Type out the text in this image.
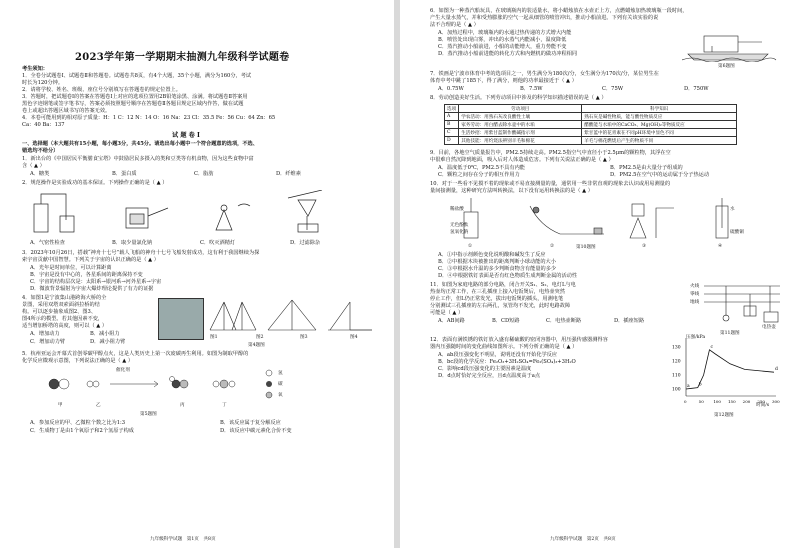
2023学年第一学期期末抽测九年级科学试题卷
考生须知：
1．全卷分试题卷Ⅰ、试题卷Ⅱ和答题卷。试题卷共8页，有4个大题，35个小题，满分为160分，考试
时长为120分钟。
2．请将学校、姓名、班级、座位号分别填写在答题卷的规定位置上。
3．答题时，把试题卷Ⅰ的答案在答题卷Ⅰ上对应的选项位置用2B铅笔涂黑、涂满。将试题卷Ⅱ答案用
黑色字迹钢笔或签字笔书写，答案必须按照题号顺序在答题卷Ⅱ各题目规定区域内作答，做在试题
卷上或超出答题区域书写的答案无效。
4．本卷可能用到的相对原子质量：H：1 C：12 N：14 O：16 Na：23 Cl：35.5 Fe：56 Cu：64 Zn：65
Ca：40 Ba：137
试 题 卷 Ⅰ
一、选择题（本大题共有15小题，每小题3分，共45分。请选出每小题中一个符合题意的选项，不选、
错选均不给分）
1．新出台的《中国居民平衡膳食宝塔》中鼓励居民多摄入的类和豆类等有机食物，因为这些食物中富
含（ ▲ ）
A．糖类	B．蛋白质	C．脂肪	D．纤维素
2．规范操作是实验成功的基本保证。下列操作正确的是（ ▲ ）
A．气密性检查	B．取少量氯化钠	C．吹灭酒精灯	D．过滤除杂
3．2023年10月26日，搭载“神舟十七号”载人飞船的神舟十七号飞船发射成功，这有利于我国继续为探
索宇宙贡献中国智慧。下列关于宇宙的认识正确的是（ ▲ ）
A．光年是时间单位，可以计算距离
B．宇宙是没有中心的，各星系间的距离保持不变
C．宇宙的结构层次是：太阳系→银河系→河外星系→宇宙
D．微波背景辐射为宇宙大爆炸理论提供了有力的证据
4．如图1是宁波集山港跨海大桥的全
景图，采用双塔双索面斜拉桥的结
构。可以逐步抽象成图2、图3、
图4所示的模型。若其他因素不变，
适当增加桥塔的高度，则可以（ ▲ ）
A．增加动力	B．减小阻力
C．增加动力臂	D．减小阻力臂
图1	图2	图3	图4
第4题图
5．杭州亚运会开幕式首创零碳甲醇点火，这是人类历史上第一次废碳再生利用。如图为制取甲醇的
化学反应微观示意图，下列说法正确的是（ ▲ ）
催化剂
甲	乙	丙	丁
氢
碳
氧
第5题图
A．参加反应的甲、乙微粒个数之比为1:3	B．该反应属于复分解反应
C．生成物丁是由1个氧原子和2个氢原子构成	D．该反应中碳元素化合价不变
九年级科学试题　第1页　共8页
6．如图为一种蒸汽船玩具，在玻璃瓶内的装适量水，将小蜡烛放在水壶正上方，点燃蜡烛加热玻璃瓶一段时间，
产生大量水蒸气，并和受热膨胀的空气一起从细管的喷管冲出，推动小船前进。下列有关该实验的说
法不合理的是（ ▲ ）
A．加热过程中，玻璃瓶内的水通过热传递的方式增大内能
B．喷管处出现白雾，冲出的水蒸气内能减小，温度降低
C．蒸汽推动小船前进，小船的动能增大，重力势能不变
D．蒸汽推动小船前进能的转化方式和内燃机的做功冲程相同
第6题图
7．铁画是宁波市体育中考的选项目之一，男生满分为180次/分，女生满分为170次/分，某位男生在
体育中考中跳了185下，得了满分，则他的功率最接近于（ ▲ ）
A．0.75W	B．7.5W	C．75W	D．750W
8．劳动创造美好生活。下列劳动项目中涉及的科学知识描述错误的是（ ▲ ）
选项	劳动项目	科学知识
A	学农活动：用熟石灰改良酸性土壤	熟石灰是碱性物质，能与酸性物质反应
B	家务劳动：用白醋去除水壶中的水垢	醋酸能与水垢中的CaCO₃、Mg(OH)₂等物质反应
C	生活妙招：用紫甘蓝制作酸碱指示剂	紫甘蓝中的花青素在不同pH环境中显色不同
D	其他技能：用灼烧法辨别羊毛和棉花	羊毛与棉花燃烧后产生的物质不同
9．目前，各地空气质量报告中，PM2.5持续走高。PM2.5指空气中直径小于2.5μm的颗粒物，其浮在空
中很难自然沉降到地面，吸入后对人体造成危害。下列有关说法正确的是（ ▲ ）
A．温度低于0℃，PM2.5不具有内能	B．PM2.5是由大量分子组成的
C．颗粒之间存在分子的相互作用力	D．PM2.5在空气中的运动属于分子热运动
10．对于一些看不见摸不着的现象或不易直接测量的量，通常用一些非常直观的现象去认识或用易测量的
量间接测量，这种研究方法叫转换法，以下没有运用转换法的是（ ▲ ）
稀盐酸
无色酚酞
氢氧化钠
水
硫酸铜
①	②	③	④
第10题图
A．①中指示剂颜色变化说明酸和碱发生了反应
B．②中根据木块被推出的距离判断小球动能的大小
C．③中根据水升温的多少判断食物含有能量的多少
D．④中根据铁钉表面是否有红色物质生成判断金属的活动性
11．如图为家庭电路的部分电路，闭合开关S₁、S₂，电灯L与电
热壶均正常工作，在三孔插座上接入电饭煲后，电热壶突然
停止工作，但L仍正常发光，拔出电饭煲的插头，用测电笔
分别测试三孔插座的左右两孔，氖管均不发光，此时电路故障
可能是（ ▲ ）
A．AB间路	B．CD短路	C．电热壶断路	D．插座短路
火线
零线
地线
电热壶
第11题图
12．表面有满铁锈的铁钉放入盛有稀硫酸的密闭容器中，用压强传感器测得容
器内压强随时间的变化曲线如图所示。下列分析正确的是（ ▲ ）
A．ab段压强变化不明显，说明还没有开始化学反应
B．bc段的化学反应：Fe₂O₃+3H₂SO₄=Fe₂(SO₄)₃+3H₂O
C．影响cd段压强变化的主要因素是温度
D．d点时恰好完全反应，且d点温度高于a点
130
120
110
100
0	50 100 150 200 250 300
a b
c
d
压强/kPa
时间/s
第12题图
九年级科学试题　第2页　共8页
